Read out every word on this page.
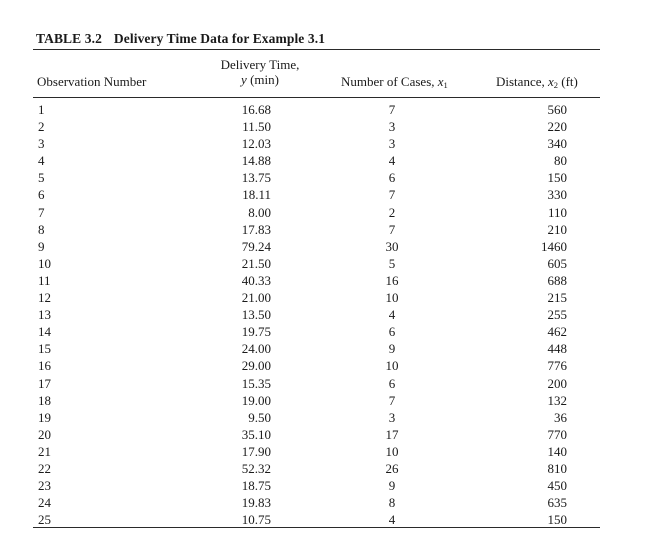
TABLE 3.2 Delivery Time Data for Example 3.1
Observation Number
Delivery Time,
y (min)	Number of Cases, $x_1$	Distance, $x_2$ (ft)
1	16.68	7	560
2	11.50	3	220
3	12.03	3	340
4	14.88	4	80
5	13.75	6	150
6	18.11	7	330
7	8.00	2	110
8	17.83	7	210
9	79.24	30	1460
10	21.50	5	605
11	40.33	16	688
12	21.00	10	215
13	13.50	4	255
14	19.75	6	462
15	24.00	9	448
16	29.00	10	776
17	15.35	6	200
18	19.00	7	132
19	9.50	3	36
20	35.10	17	770
21	17.90	10	140
22	52.32	26	810
23	18.75	9	450
24	19.83	8	635
25	10.75	4	150
